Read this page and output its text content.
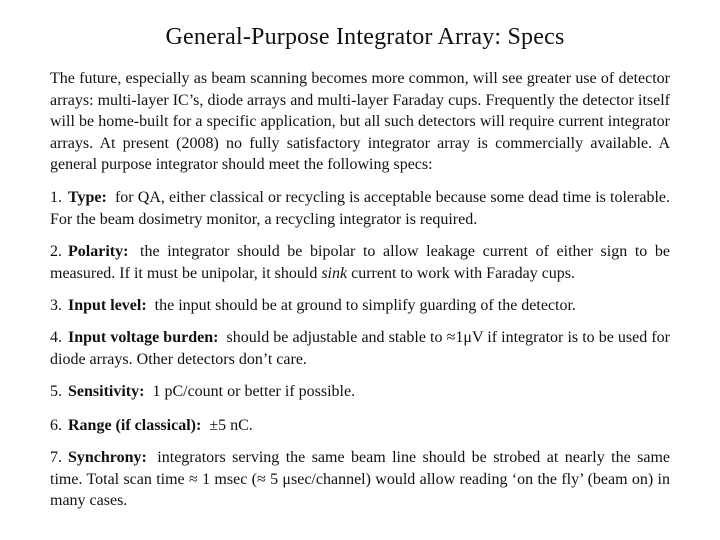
General-Purpose Integrator Array: Specs
The future, especially as beam scanning becomes more common, will see greater use of detector arrays: multi-layer IC’s, diode arrays and multi-layer Faraday cups. Frequently the detector itself will be home-built for a specific application, but all such detectors will require current integrator arrays. At present (2008) no fully satisfactory integrator array is commercially available. A general purpose integrator should meet the following specs:
1. Type: for QA, either classical or recycling is acceptable because some dead time is tolerable. For the beam dosimetry monitor, a recycling integrator is required.
2. Polarity: the integrator should be bipolar to allow leakage current of either sign to be measured. If it must be unipolar, it should sink current to work with Faraday cups.
3. Input level: the input should be at ground to simplify guarding of the detector.
4. Input voltage burden: should be adjustable and stable to ≈1μV if integrator is to be used for diode arrays. Other detectors don’t care.
5. Sensitivity: 1 pC/count or better if possible.
6. Range (if classical): ±5 nC.
7. Synchrony: integrators serving the same beam line should be strobed at nearly the same time. Total scan time ≈ 1 msec (≈ 5 μsec/channel) would allow reading ‘on the fly’ (beam on) in many cases.
